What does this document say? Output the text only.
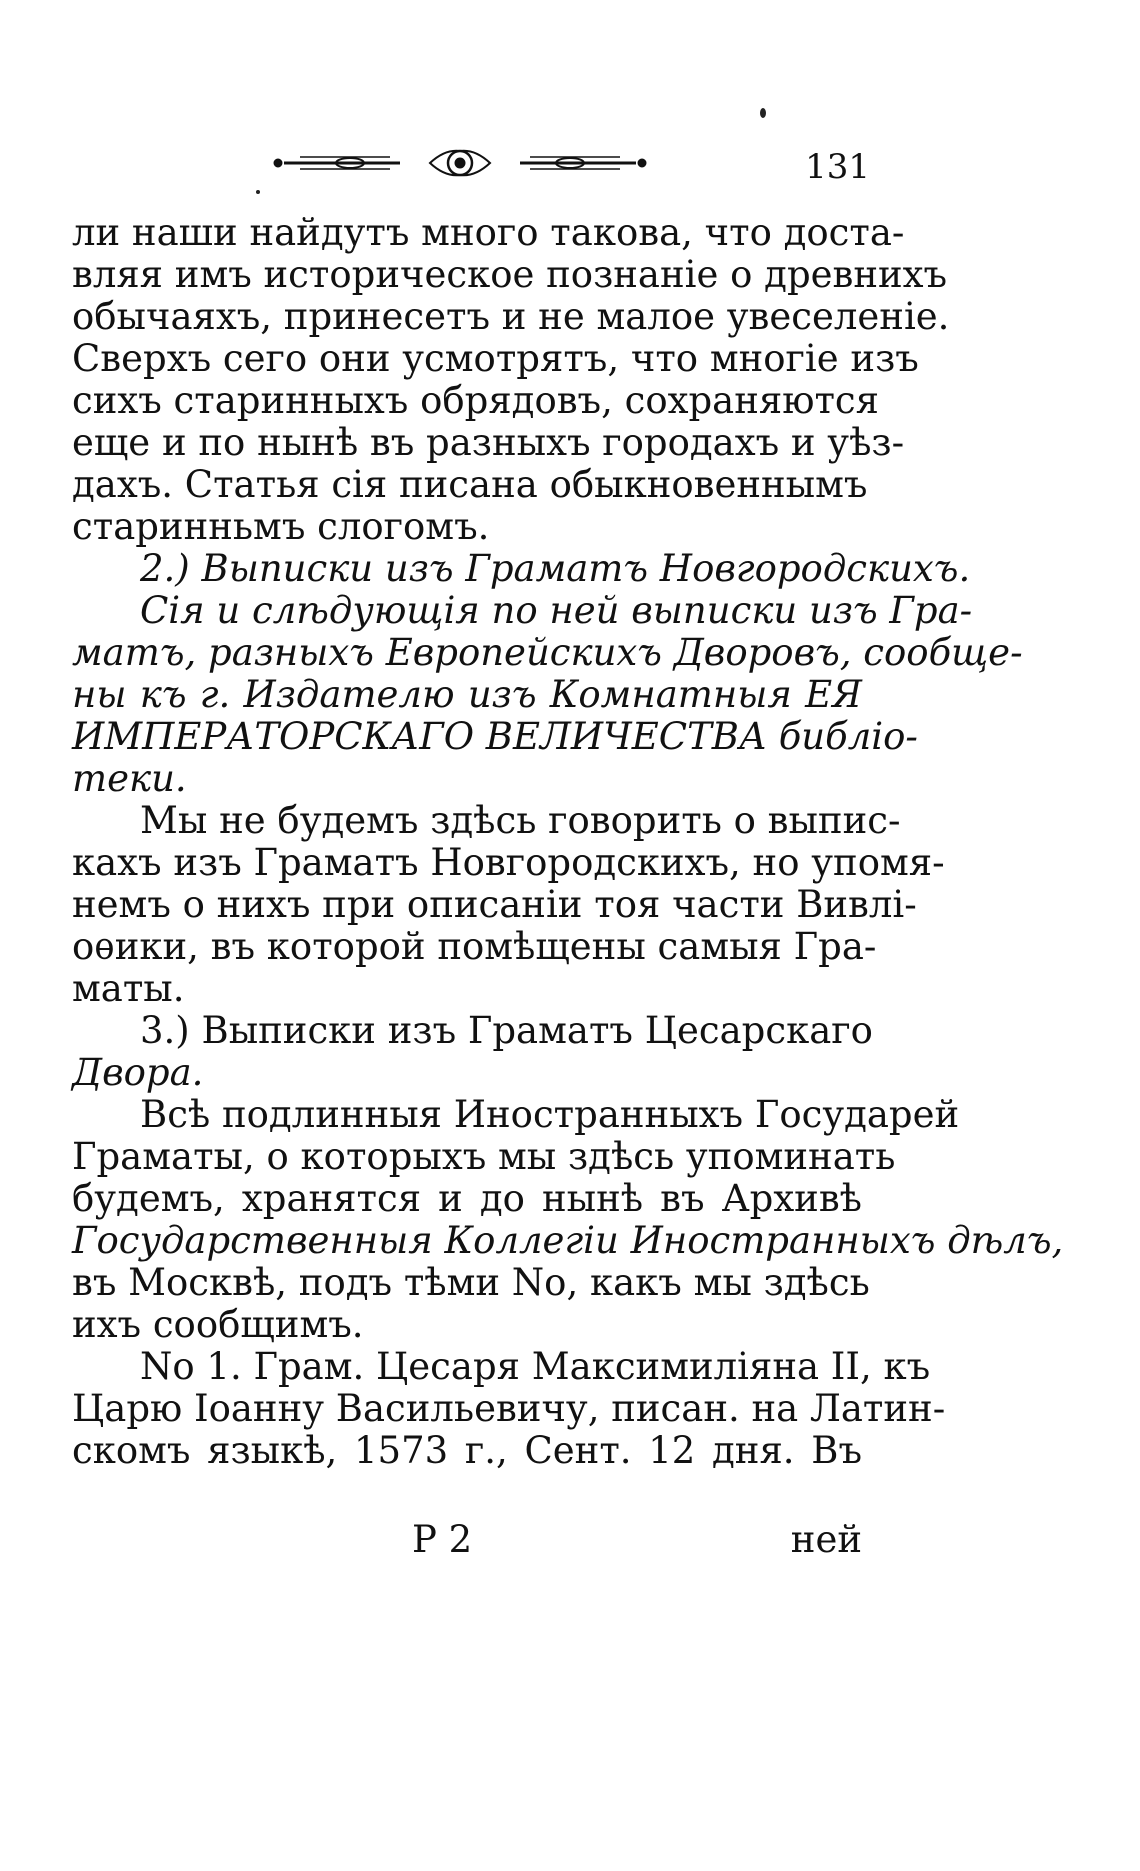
131
ли наши найдутъ много такова, что доста-
вляя имъ историческое познаніе о древнихъ
обычаяхъ, принесетъ и не малое увеселеніе.
Сверхъ сего они усмотрятъ, что многіе изъ
сихъ старинныхъ обрядовъ, сохраняются
еще и по нынѣ въ разныхъ городахъ и уѣз-
дахъ. Статья сія писана обыкновеннымъ
старинньмъ слогомъ.
2.) Выписки изъ Граматъ Новгородскихъ.
Сія и слѣдующія по ней выписки изъ Гра-
матъ, разныхъ Европейскихъ Дворовъ, сообще-
ны къ г. Издателю изъ Комнатныя ЕЯ
ИМПЕРАТОРСКАГО ВЕЛИЧЕСТВА библіо-
теки.
Мы не будемъ здѣсь говорить о выпис-
кахъ изъ Граматъ Новгородскихъ, но упомя-
немъ о нихъ при описаніи тоя части Вивлі-
оѳики, въ которой помѣщены самыя Гра-
маты.
3.) Выписки изъ Граматъ Цесарскаго
Двора.
Всѣ подлинныя Иностранныхъ Государей
Граматы, о которыхъ мы здѣсь упоминать
будемъ, хранятся и до нынѣ въ Архивѣ
Государственныя Коллегіи Иностранныхъ дѣлъ,
въ Москвѣ, подъ тѣми No, какъ мы здѣсь
ихъ сообщимъ.
No 1. Грам. Цесаря Максимиліяна II, къ
Царю Іоанну Васильевичу, писан. на Латин-
скомъ языкѣ, 1573 г., Сент. 12 дня. Въ
Р 2	ней
